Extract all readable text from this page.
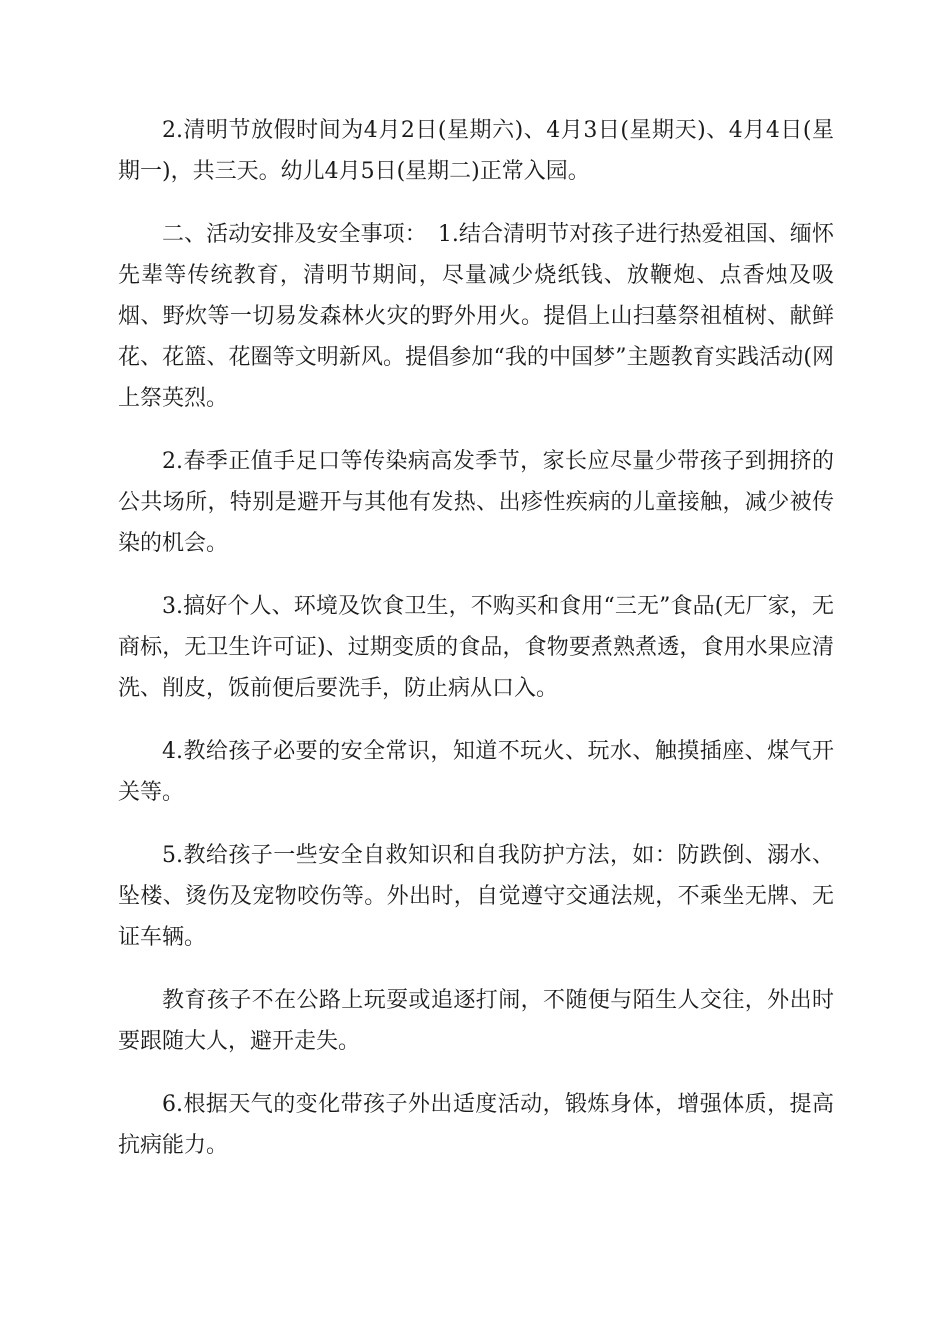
2.清明节放假时间为4月2日(星期六)、4月3日(星期天)、4月4日(星期一)，共三天。幼儿4月5日(星期二)正常入园。

二、活动安排及安全事项：　1.结合清明节对孩子进行热爱祖国、缅怀先辈等传统教育，清明节期间，尽量减少烧纸钱、放鞭炮、点香烛及吸烟、野炊等一切易发森林火灾的野外用火。提倡上山扫墓祭祖植树、献鲜花、花篮、花圈等文明新风。提倡参加“我的中国梦”主题教育实践活动(网上祭英烈。

2.春季正值手足口等传染病高发季节，家长应尽量少带孩子到拥挤的公共场所，特别是避开与其他有发热、出疹性疾病的儿童接触，减少被传染的机会。

3.搞好个人、环境及饮食卫生，不购买和食用“三无”食品(无厂家，无商标，无卫生许可证)、过期变质的食品，食物要煮熟煮透，食用水果应清洗、削皮，饭前便后要洗手，防止病从口入。

4.教给孩子必要的安全常识，知道不玩火、玩水、触摸插座、煤气开关等。

5.教给孩子一些安全自救知识和自我防护方法，如：防跌倒、溺水、坠楼、烫伤及宠物咬伤等。外出时，自觉遵守交通法规，不乘坐无牌、无证车辆。

教育孩子不在公路上玩耍或追逐打闹，不随便与陌生人交往，外出时要跟随大人，避开走失。

6.根据天气的变化带孩子外出适度活动，锻炼身体，增强体质，提高抗病能力。
